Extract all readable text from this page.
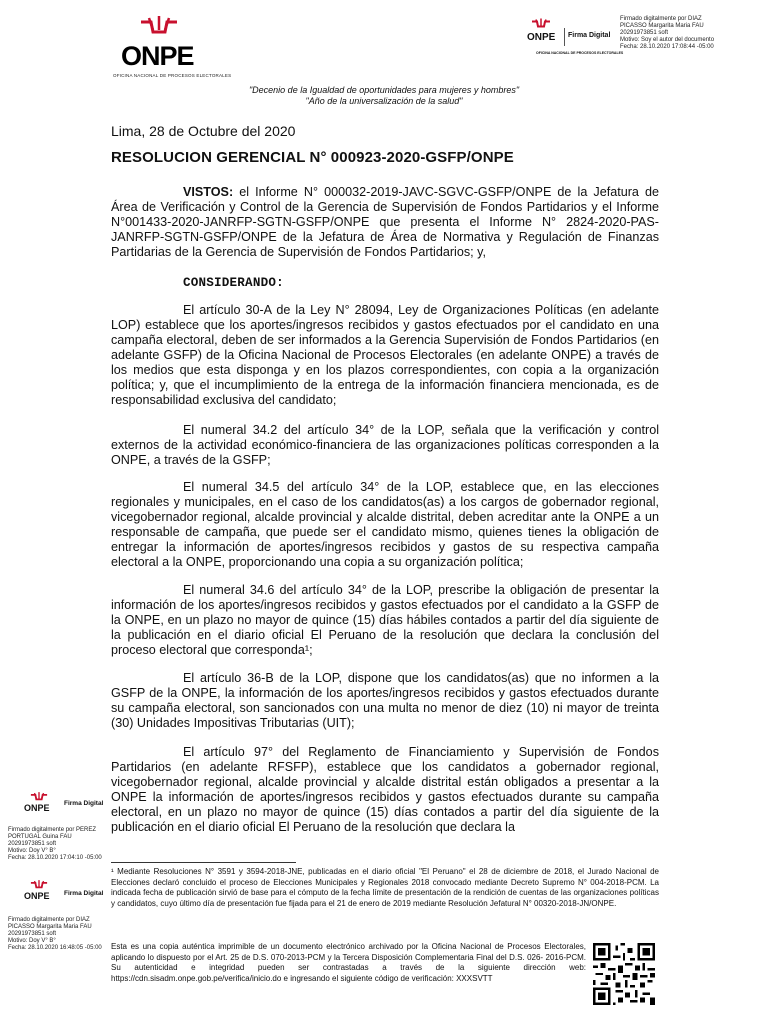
ONPE
OFICINA NACIONAL DE PROCESOS ELECTORALES
ONPE Firma Digital
OFICINA NACIONAL DE PROCESOS ELECTORALES
Firmado digitalmente por DIAZ
PICASSO Margarita Maria FAU
20291973851 soft
Motivo: Soy el autor del documento
Fecha: 28.10.2020 17:08:44 -05:00
"Decenio de la Igualdad de oportunidades para mujeres y hombres"
"Año de la universalización de la salud"
Lima, 28 de Octubre del 2020
RESOLUCION GERENCIAL N° 000923-2020-GSFP/ONPE

VISTOS: el Informe N° 000032-2019-JAVC-SGVC-GSFP/ONPE de la Jefatura de Área de Verificación y Control de la Gerencia de Supervisión de Fondos Partidarios y el Informe N°001433-2020-JANRFP-SGTN-GSFP/ONPE que presenta el Informe N° 2824-2020-PAS-JANRFP-SGTN-GSFP/ONPE de la Jefatura de Área de Normativa y Regulación de Finanzas Partidarias de la Gerencia de Supervisión de Fondos Partidarios; y,

CONSIDERANDO:

El artículo 30-A de la Ley N° 28094, Ley de Organizaciones Políticas (en adelante LOP) establece que los aportes/ingresos recibidos y gastos efectuados por el candidato en una campaña electoral, deben de ser informados a la Gerencia Supervisión de Fondos Partidarios (en adelante GSFP) de la Oficina Nacional de Procesos Electorales (en adelante ONPE) a través de los medios que esta disponga y en los plazos correspondientes, con copia a la organización política; y, que el incumplimiento de la entrega de la información financiera mencionada, es de responsabilidad exclusiva del candidato;

El numeral 34.2 del artículo 34° de la LOP, señala que la verificación y control externos de la actividad económico-financiera de las organizaciones políticas corresponden a la ONPE, a través de la GSFP;

El numeral 34.5 del artículo 34° de la LOP, establece que, en las elecciones regionales y municipales, en el caso de los candidatos(as) a los cargos de gobernador regional, vicegobernador regional, alcalde provincial y alcalde distrital, deben acreditar ante la ONPE a un responsable de campaña, que puede ser el candidato mismo, quienes tienes la obligación de entregar la información de aportes/ingresos recibidos y gastos de su respectiva campaña electoral a la ONPE, proporcionando una copia a su organización política;

El numeral 34.6 del artículo 34° de la LOP, prescribe la obligación de presentar la información de los aportes/ingresos recibidos y gastos efectuados por el candidato a la GSFP de la ONPE, en un plazo no mayor de quince (15) días hábiles contados a partir del día siguiente de la publicación en el diario oficial El Peruano de la resolución que declara la conclusión del proceso electoral que corresponda¹;

El artículo 36-B de la LOP, dispone que los candidatos(as) que no informen a la GSFP de la ONPE, la información de los aportes/ingresos recibidos y gastos efectuados durante su campaña electoral, son sancionados con una multa no menor de diez (10) ni mayor de treinta (30) Unidades Impositivas Tributarias (UIT);

El artículo 97° del Reglamento de Financiamiento y Supervisión de Fondos Partidarios (en adelante RFSFP), establece que los candidatos a gobernador regional, vicegobernador regional, alcalde provincial y alcalde distrital están obligados a presentar a la ONPE la información de aportes/ingresos recibidos y gastos efectuados durante su campaña electoral, en un plazo no mayor de quince (15) días contados a partir del día siguiente de la publicación en el diario oficial El Peruano de la resolución que declara la

ONPE Firma Digital
Firmado digitalmente por PEREZ
PORTUGAL Guina FAU
20291973851 soft
Motivo: Doy V° B°
Fecha: 28.10.2020 17:04:10 -05:00
ONPE Firma Digital
Firmado digitalmente por DIAZ
PICASSO Margarita Maria FAU
20291973851 soft
Motivo: Doy V° B°
Fecha: 28.10.2020 16:48:05 -05:00
¹ Mediante Resoluciones N° 3591 y 3594-2018-JNE, publicadas en el diario oficial "El Peruano" el 28 de diciembre de 2018, el Jurado Nacional de Elecciones declaró concluido el proceso de Elecciones Municipales y Regionales 2018 convocado mediante Decreto Supremo N° 004-2018-PCM. La indicada fecha de publicación sirvió de base para el cómputo de la fecha límite de presentación de la rendición de cuentas de las organizaciones políticas y candidatos, cuyo último día de presentación fue fijada para el 21 de enero de 2019 mediante Resolución Jefatural N° 00320-2018-JN/ONPE.
Esta es una copia auténtica imprimible de un documento electrónico archivado por la Oficina Nacional de Procesos Electorales, aplicando lo dispuesto por el Art. 25 de D.S. 070-2013-PCM y la Tercera Disposición Complementaria Final del D.S. 026- 2016-PCM. Su autenticidad e integridad pueden ser contrastadas a través de la siguiente dirección web: https://cdn.sisadm.onpe.gob.pe/verifica/inicio.do e ingresando el siguiente código de verificación: XXXSVTT
